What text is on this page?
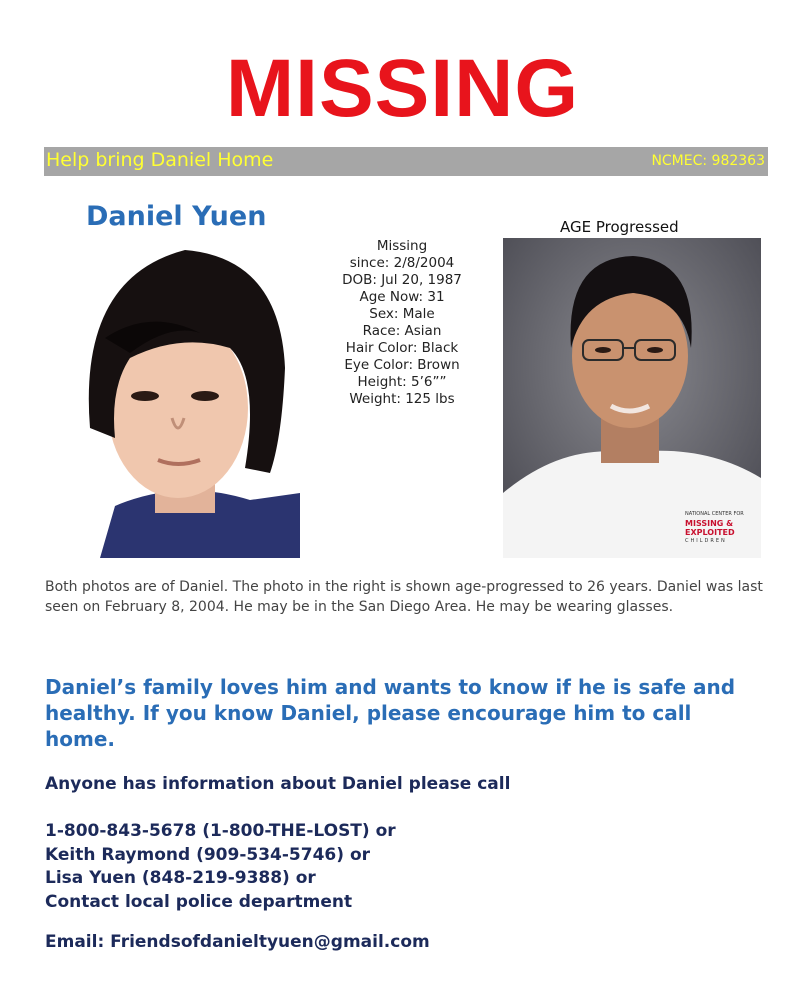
MISSING
Help bring Daniel Home	NCMEC: 982363
Daniel Yuen	AGE Progressed
Missing
since: 2/8/2004
DOB: Jul 20, 1987
Age Now: 31
Sex: Male
Race: Asian
Hair Color: Black
Eye Color: Brown
Height: 5’6””
Weight: 125 lbs
NATIONAL CENTER FOR
MISSING &
EXPLOITED
CHILDREN
Both photos are of Daniel. The photo in the right is shown age-progressed to 26 years. Daniel was last seen on February 8, 2004. He may be in the San Diego Area. He may be wearing glasses.
Daniel’s family loves him and wants to know if he is safe and healthy. If you know Daniel, please encourage him to call home.
Anyone has information about Daniel please call
1-800-843-5678 (1-800-THE-LOST) or
Keith Raymond (909-534-5746) or
Lisa Yuen (848-219-9388) or
Contact local police department
Email: Friendsofdanieltyuen@gmail.com
